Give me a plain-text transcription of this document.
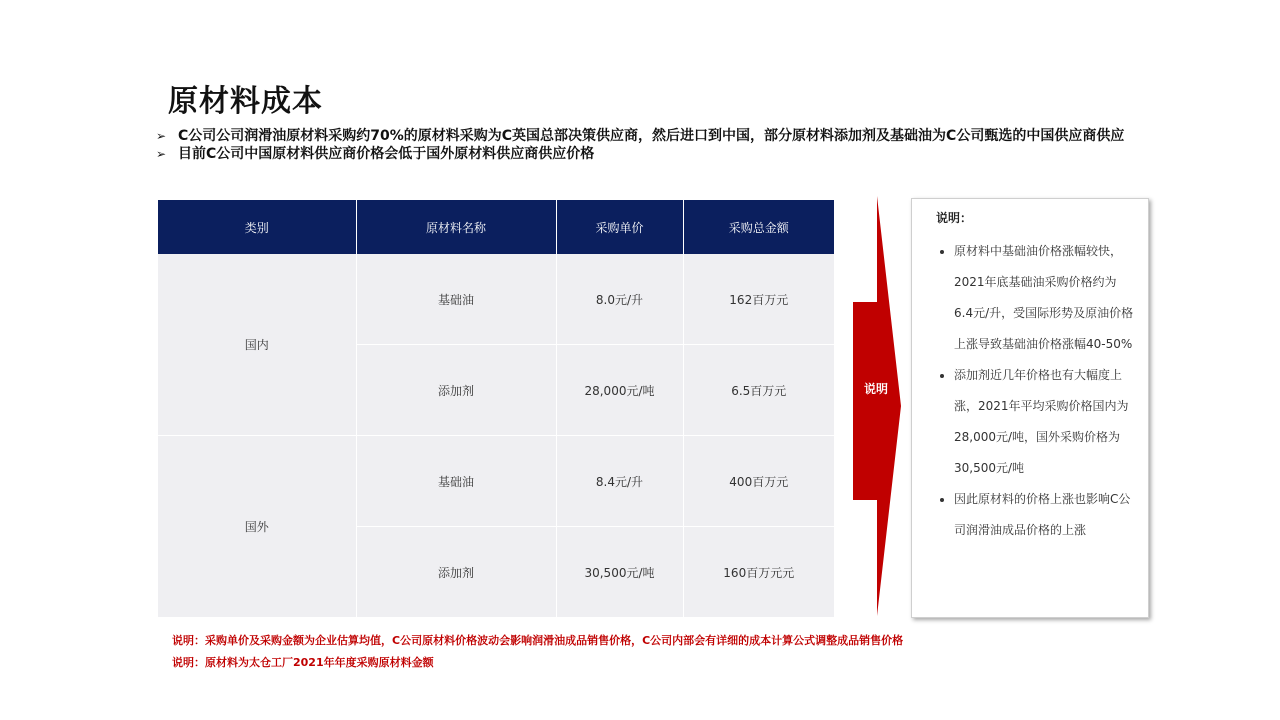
原材料成本
➢ C公司公司润滑油原材料采购约70%的原材料采购为C英国总部决策供应商，然后进口到中国，部分原材料添加剂及基础油为C公司甄选的中国供应商供应
➢ 目前C公司中国原材料供应商价格会低于国外原材料供应商供应价格
类别	原材料名称	采购单价	采购总金额
国内	基础油	8.0元/升	162百万元
	添加剂	28,000元/吨	6.5百万元
国外	基础油	8.4元/升	400百万元
	添加剂	30,500元/吨	160百万元元
说明
说明：
• 原材料中基础油价格涨幅较快，2021年底基础油采购价格约为6.4元/升，受国际形势及原油价格上涨导致基础油价格涨幅40-50%
• 添加剂近几年价格也有大幅度上涨，2021年平均采购价格国内为28,000元/吨，国外采购价格为30,500元/吨
• 因此原材料的价格上涨也影响C公司润滑油成品价格的上涨
说明：采购单价及采购金额为企业估算均值，C公司原材料价格波动会影响润滑油成品销售价格，C公司内部会有详细的成本计算公式调整成品销售价格
说明：原材料为太仓工厂2021年年度采购原材料金额
